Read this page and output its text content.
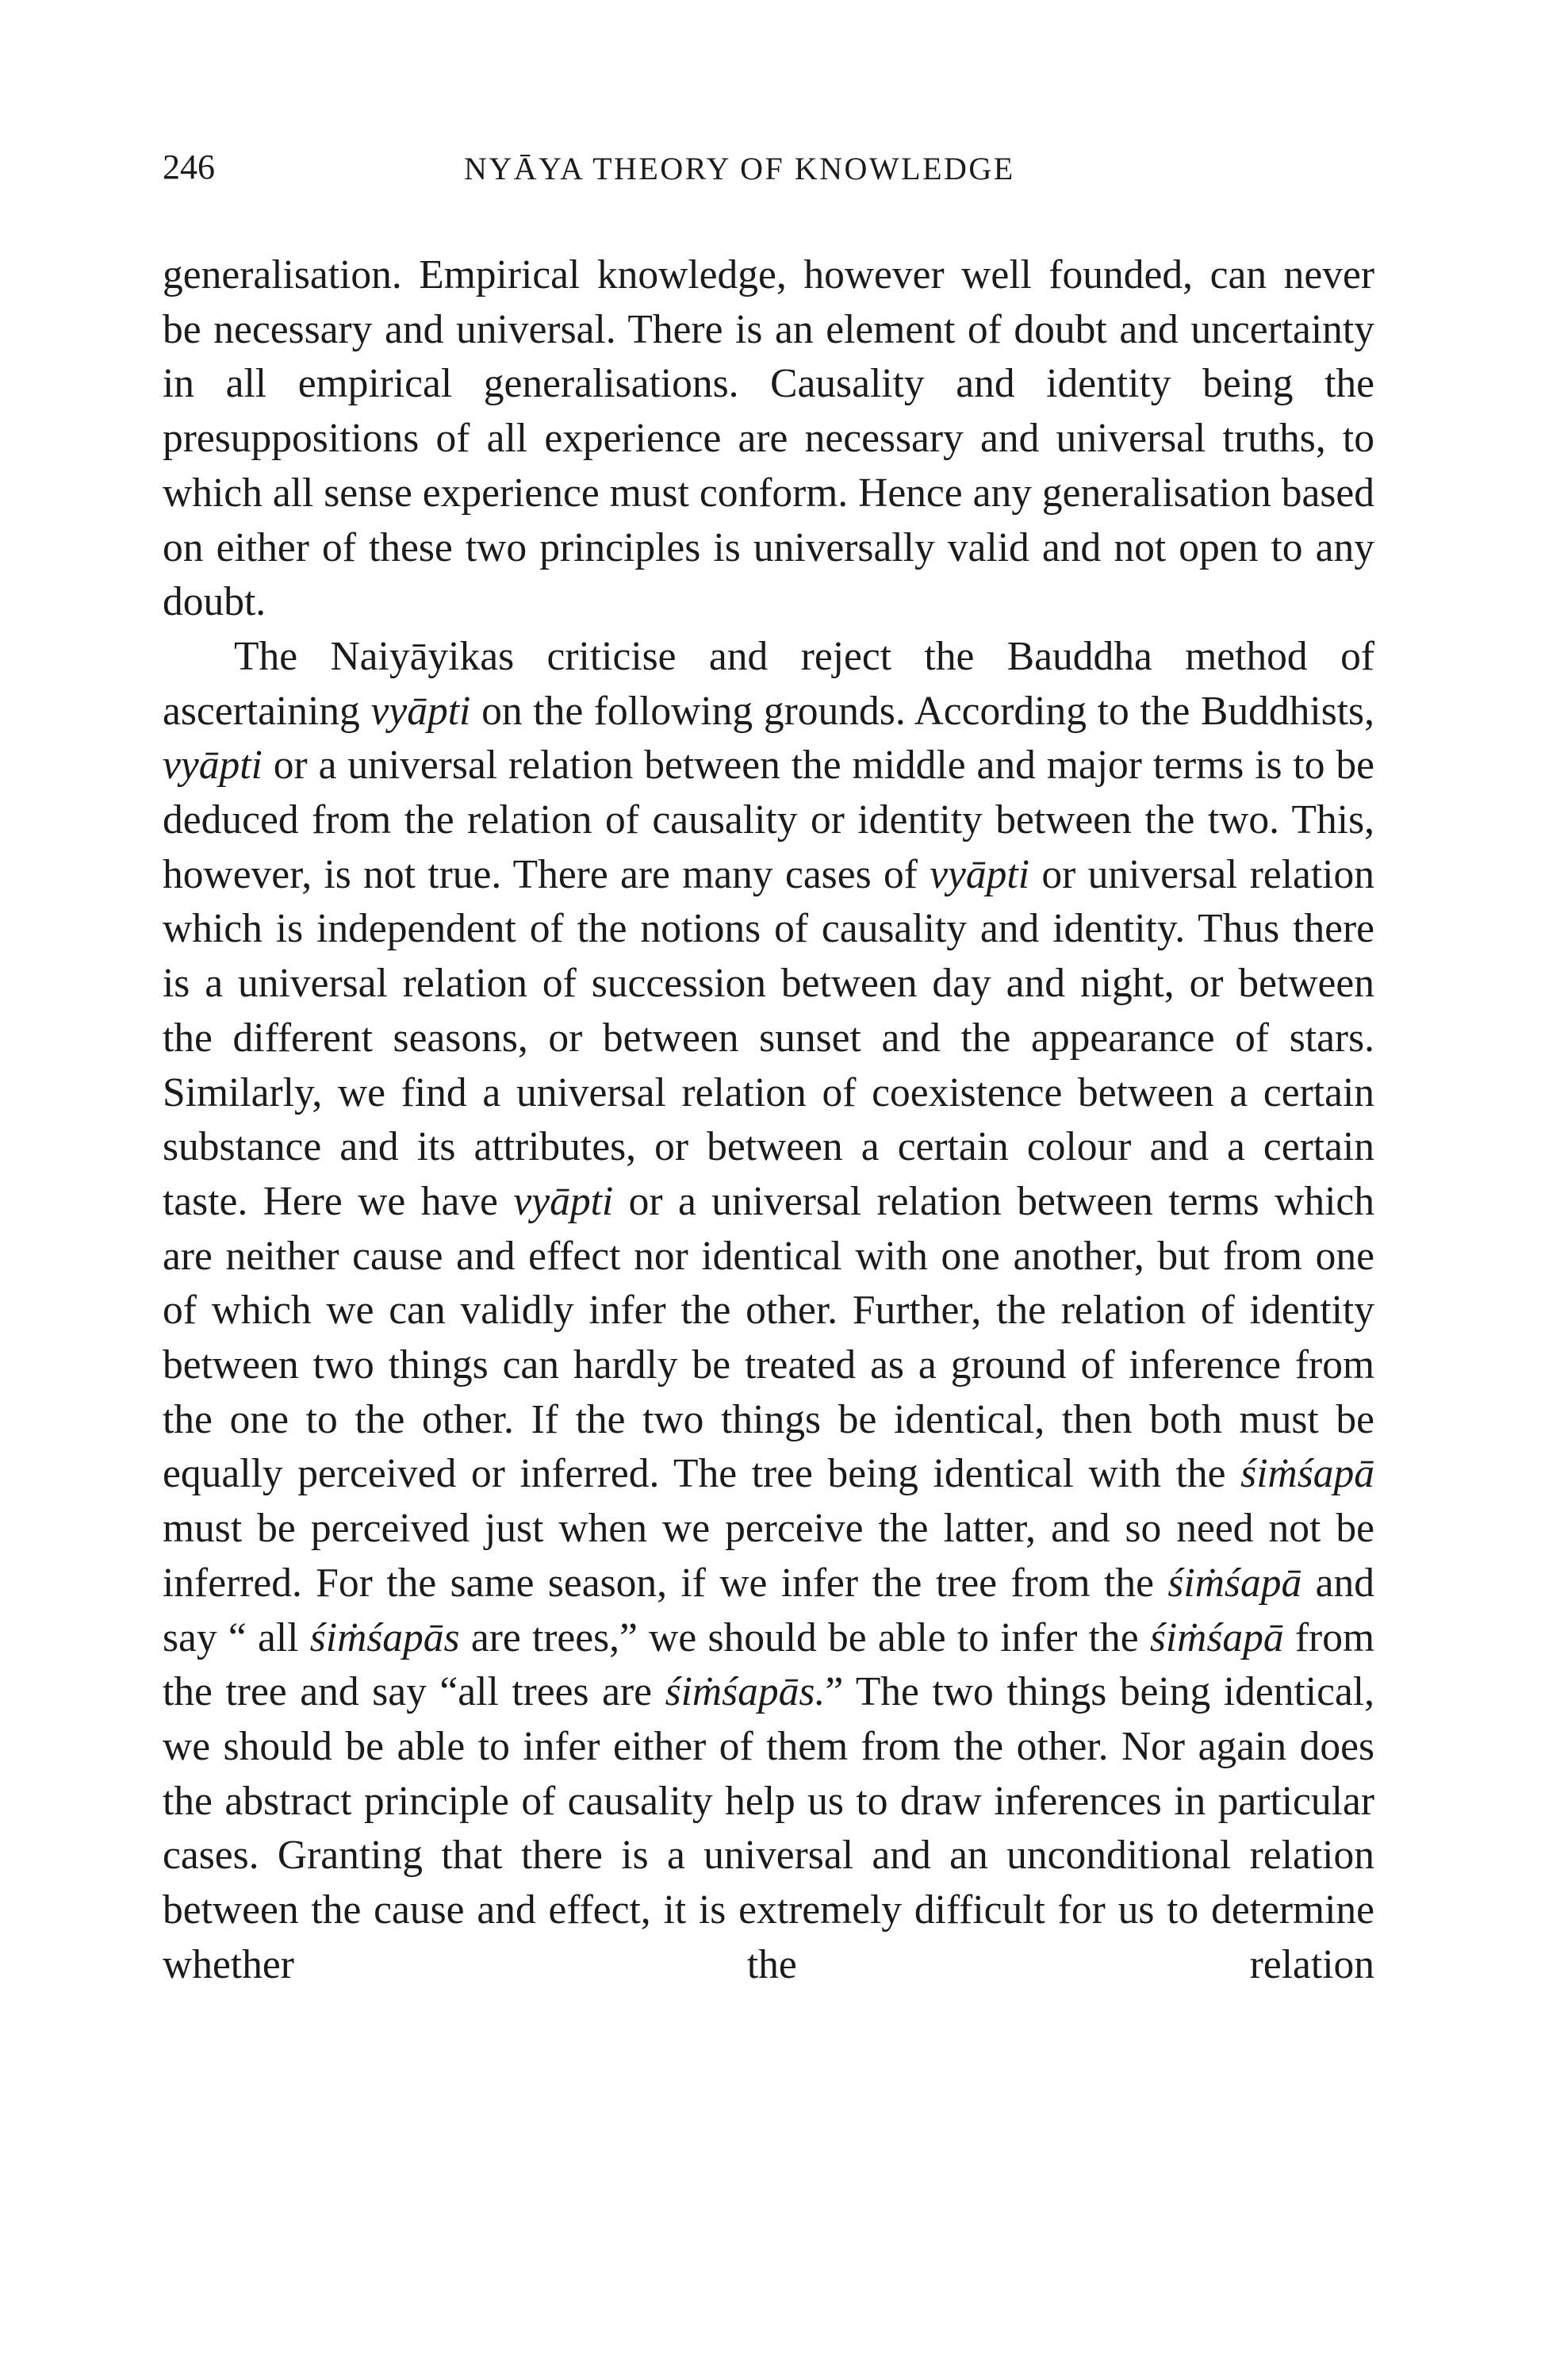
246	NYĀYA THEORY OF KNOWLEDGE

generalisation. Empirical knowledge, however well founded, can never be necessary and universal. There is an element of doubt and uncertainty in all empirical generalisations. Causality and identity being the presuppositions of all experience are necessary and universal truths, to which all sense experience must conform. Hence any generalisation based on either of these two principles is universally valid and not open to any doubt.

The Naiyāyikas criticise and reject the Bauddha method of ascertaining vyāpti on the following grounds. According to the Buddhists, vyāpti or a universal relation between the middle and major terms is to be deduced from the relation of causality or identity between the two. This, however, is not true. There are many cases of vyāpti or universal relation which is independent of the notions of causality and identity. Thus there is a universal relation of succession between day and night, or between the different seasons, or between sunset and the appearance of stars. Similarly, we find a universal relation of coexistence between a certain substance and its attributes, or between a certain colour and a certain taste. Here we have vyāpti or a universal relation between terms which are neither cause and effect nor identical with one another, but from one of which we can validly infer the other. Further, the relation of identity between two things can hardly be treated as a ground of inference from the one to the other. If the two things be identical, then both must be equally perceived or inferred. The tree being identical with the śiṁśapā must be perceived just when we perceive the latter, and so need not be inferred. For the same season, if we infer the tree from the śiṁśapā and say “ all śiṁśapās are trees,” we should be able to infer the śiṁśapā from the tree and say “all trees are śiṁśapās.” The two things being identical, we should be able to infer either of them from the other. Nor again does the abstract principle of causality help us to draw inferences in particular cases. Granting that there is a universal and an unconditional relation between the cause and effect, it is extremely difficult for us to determine whether the relation
